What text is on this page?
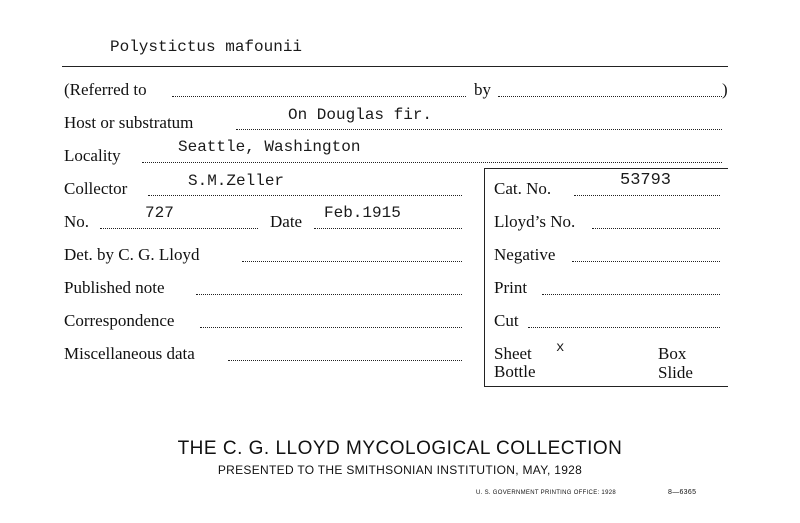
Polystictus mafounii
(Referred to	by	)
Host or substratum	On Douglas fir.
Locality	Seattle, Washington
Collector	S.M.Zeller
No.	727	Date Feb.1915
Det. by C. G. Lloyd
Published note
Correspondence
Miscellaneous data
Cat. No.	53793
Lloyd’s No.
Negative
Print
Cut
Sheet x	Box
Bottle	Slide
THE C. G. LLOYD MYCOLOGICAL COLLECTION
PRESENTED TO THE SMITHSONIAN INSTITUTION, MAY, 1928
U. S. GOVERNMENT PRINTING OFFICE: 1928	8—6365
